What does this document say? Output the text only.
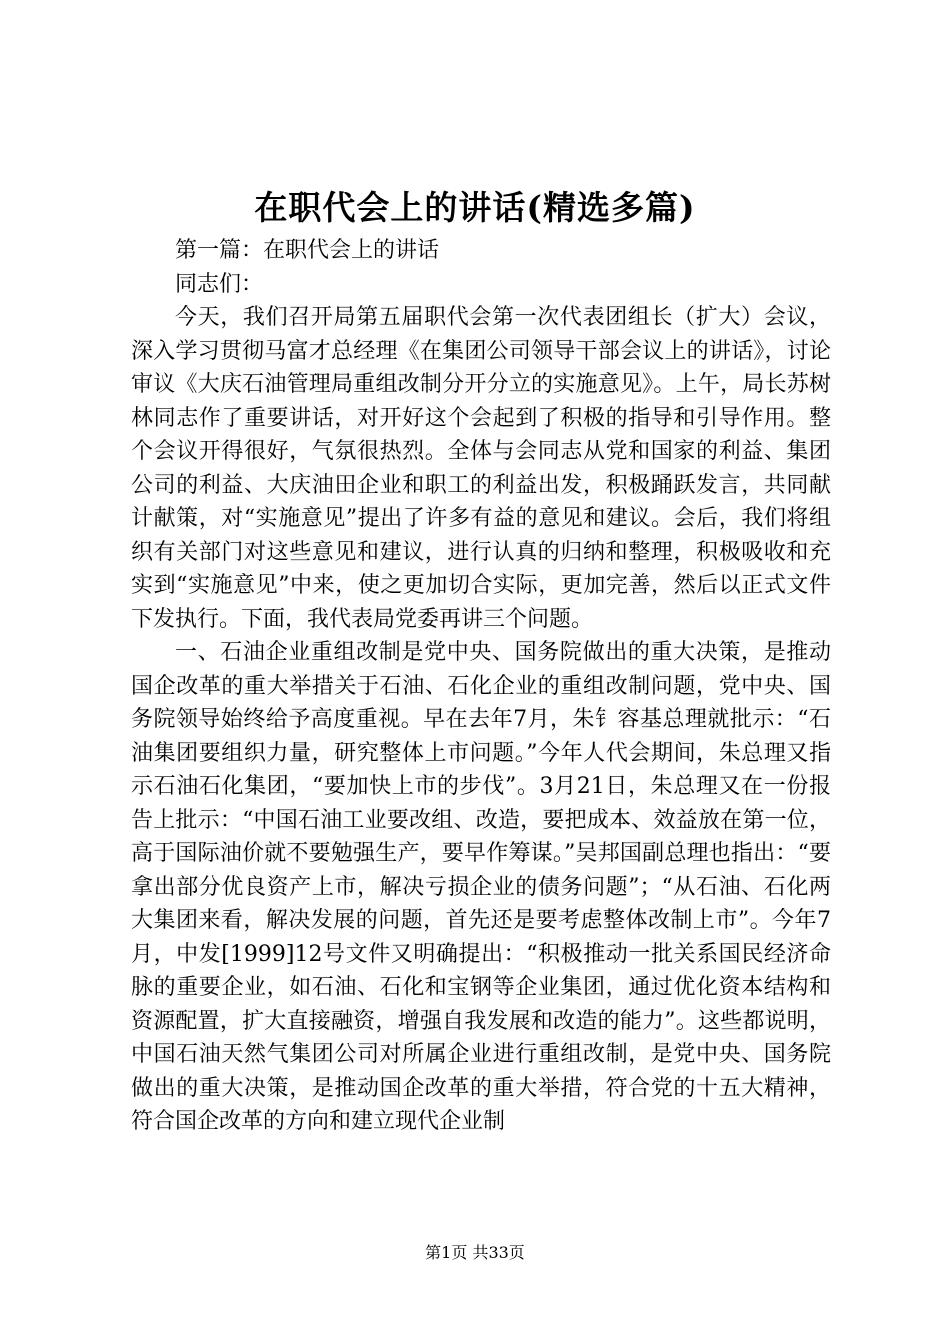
在职代会上的讲话(精选多篇)

第一篇：在职代会上的讲话

同志们：

今天，我们召开局第五届职代会第一次代表团组长（扩大）会议，深入学习贯彻马富才总经理《在集团公司领导干部会议上的讲话》，讨论审议《大庆石油管理局重组改制分开分立的实施意见》。上午，局长苏树林同志作了重要讲话，对开好这个会起到了积极的指导和引导作用。整个会议开得很好，气氛很热烈。全体与会同志从党和国家的利益、集团公司的利益、大庆油田企业和职工的利益出发，积极踊跃发言，共同献计献策，对“实施意见”提出了许多有益的意见和建议。会后，我们将组织有关部门对这些意见和建议，进行认真的归纳和整理，积极吸收和充实到“实施意见”中来，使之更加切合实际，更加完善，然后以正式文件下发执行。下面，我代表局党委再讲三个问题。

一、石油企业重组改制是党中央、国务院做出的重大决策，是推动国企改革的重大举措关于石油、石化企业的重组改制问题，党中央、国务院领导始终给予高度重视。早在去年7月，朱钅容基总理就批示：“石油集团要组织力量，研究整体上市问题。”今年人代会期间，朱总理又指示石油石化集团，“要加快上市的步伐”。3月21日，朱总理又在一份报告上批示：“中国石油工业要改组、改造，要把成本、效益放在第一位，高于国际油价就不要勉强生产，要早作筹谋。”吴邦国副总理也指出：“要拿出部分优良资产上市，解决亏损企业的债务问题”；“从石油、石化两大集团来看，解决发展的问题，首先还是要考虑整体改制上市”。今年7月，中发[1999]12号文件又明确提出：“积极推动一批关系国民经济命脉的重要企业，如石油、石化和宝钢等企业集团，通过优化资本结构和资源配置，扩大直接融资，增强自我发展和改造的能力”。这些都说明，中国石油天然气集团公司对所属企业进行重组改制，是党中央、国务院做出的重大决策，是推动国企改革的重大举措，符合党的十五大精神，符合国企改革的方向和建立现代企业制

第1页 共33页
